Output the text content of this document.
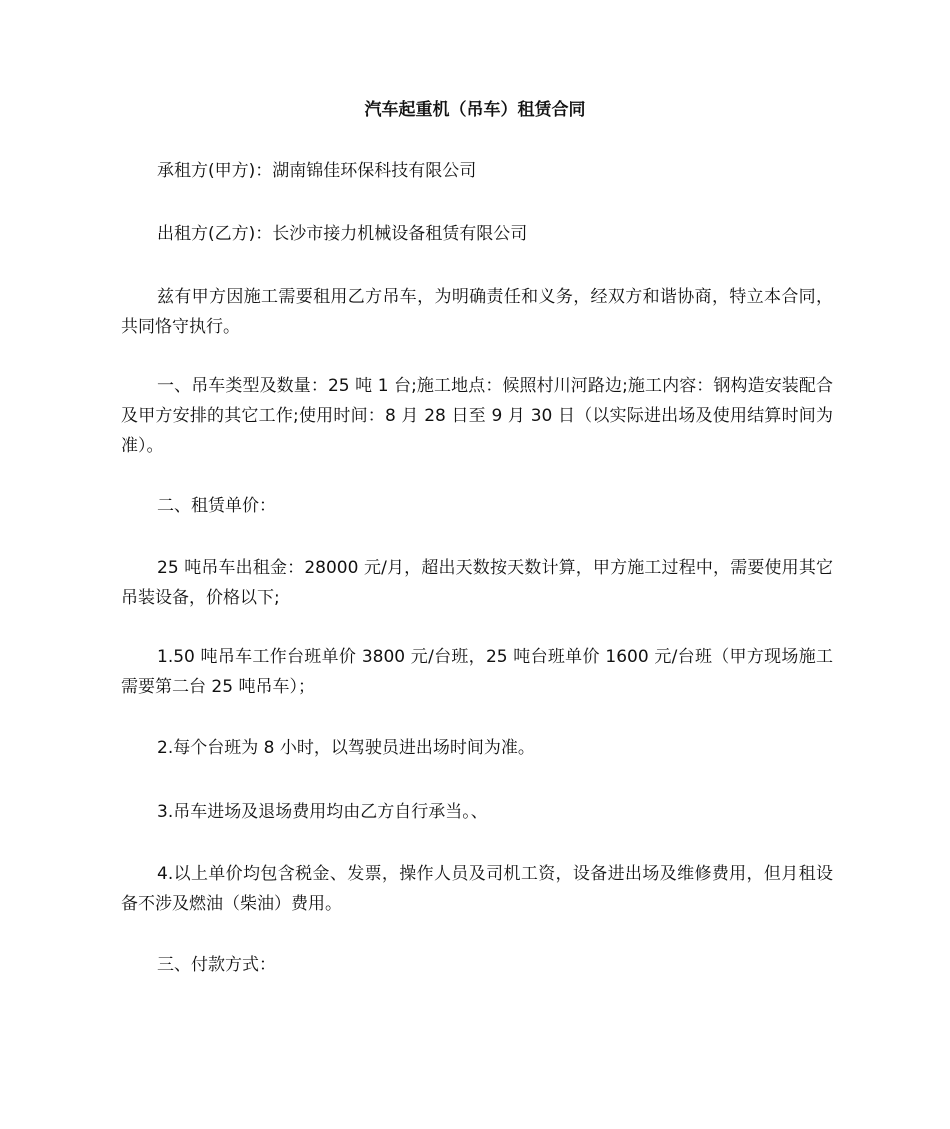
汽车起重机（吊车）租赁合同

承租方(甲方)：湖南锦佳环保科技有限公司

出租方(乙方)：长沙市接力机械设备租赁有限公司

兹有甲方因施工需要租用乙方吊车，为明确责任和义务，经双方和谐协商，特立本合同，共同恪守执行。

一、吊车类型及数量：25 吨 1 台;施工地点：候照村川河路边;施工内容：钢构造安装配合及甲方安排的其它工作;使用时间：8 月 28 日至 9 月 30 日（以实际进出场及使用结算时间为准）。

二、租赁单价：

25 吨吊车出租金：28000 元/月，超出天数按天数计算，甲方施工过程中，需要使用其它吊装设备，价格以下;

1.50 吨吊车工作台班单价 3800 元/台班，25 吨台班单价 1600 元/台班（甲方现场施工需要第二台 25 吨吊车）；

2.每个台班为 8 小时，以驾驶员进出场时间为准。

3.吊车进场及退场费用均由乙方自行承当。、

4.以上单价均包含税金、发票，操作人员及司机工资，设备进出场及维修费用，但月租设备不涉及燃油（柴油）费用。

三、付款方式：
